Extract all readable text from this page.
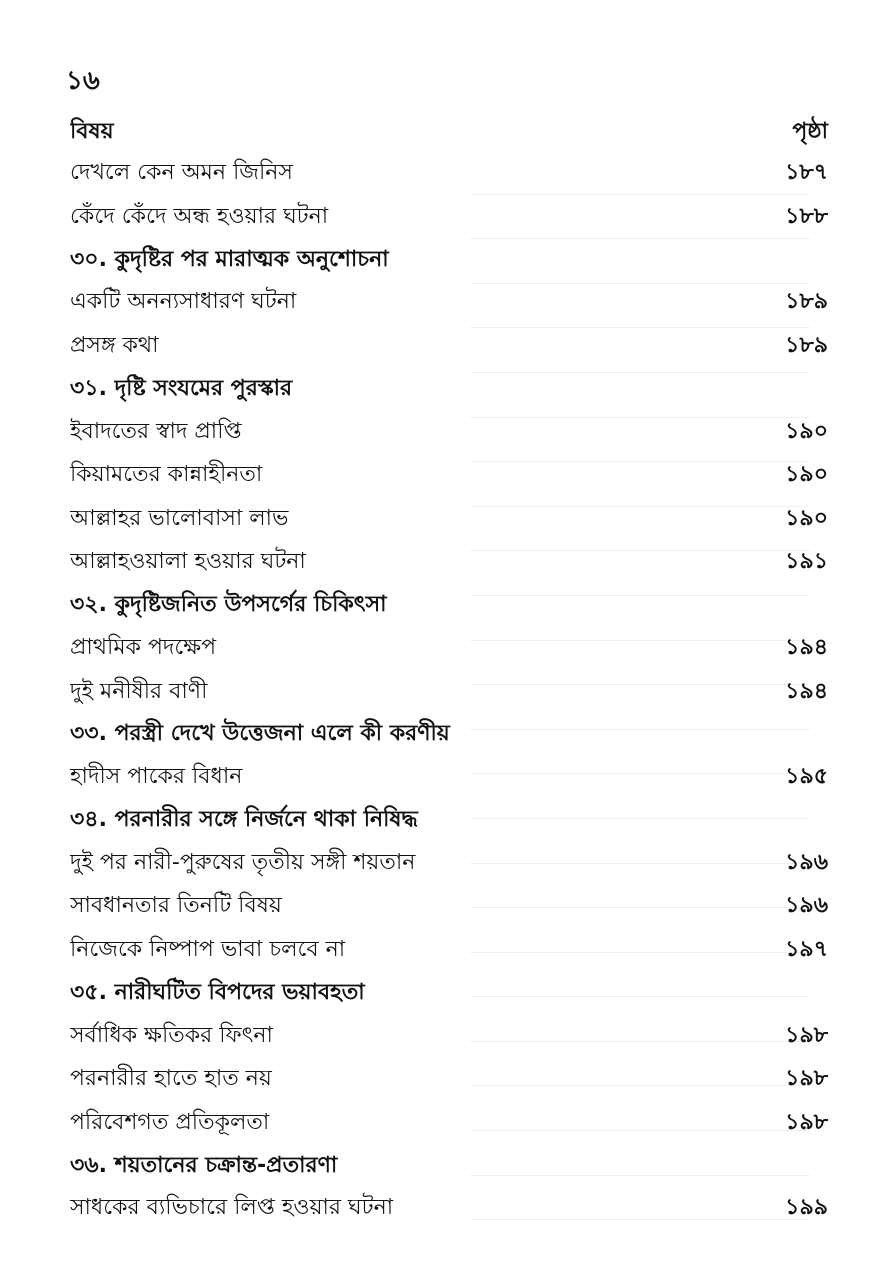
১৬
বিষয়	পৃষ্ঠা
দেখলে কেন অমন জিনিস	১৮৭
কেঁদে কেঁদে অন্ধ হওয়ার ঘটনা	১৮৮
৩০. কুদৃষ্টির পর মারাত্মক অনুশোচনা
একটি অনন্যসাধারণ ঘটনা	১৮৯
প্রসঙ্গ কথা	১৮৯
৩১. দৃষ্টি সংযমের পুরস্কার
ইবাদতের স্বাদ প্রাপ্তি	১৯০
কিয়ামতের কান্নাহীনতা	১৯০
আল্লাহর ভালোবাসা লাভ	১৯০
আল্লাহওয়ালা হওয়ার ঘটনা	১৯১
৩২. কুদৃষ্টিজনিত উপসর্গের চিকিৎসা
প্রাথমিক পদক্ষেপ	১৯৪
দুই মনীষীর বাণী	১৯৪
৩৩. পরস্ত্রী দেখে উত্তেজনা এলে কী করণীয়
হাদীস পাকের বিধান	১৯৫
৩৪. পরনারীর সঙ্গে নির্জনে থাকা নিষিদ্ধ
দুই পর নারী-পুরুষের তৃতীয় সঙ্গী শয়তান	১৯৬
সাবধানতার তিনটি বিষয়	১৯৬
নিজেকে নিষ্পাপ ভাবা চলবে না	১৯৭
৩৫. নারীঘটিত বিপদের ভয়াবহতা
সর্বাধিক ক্ষতিকর ফিৎনা	১৯৮
পরনারীর হাতে হাত নয়	১৯৮
পরিবেশগত প্রতিকূলতা	১৯৮
৩৬. শয়তানের চক্রান্ত-প্রতারণা
সাধকের ব্যভিচারে লিপ্ত হওয়ার ঘটনা	১৯৯
